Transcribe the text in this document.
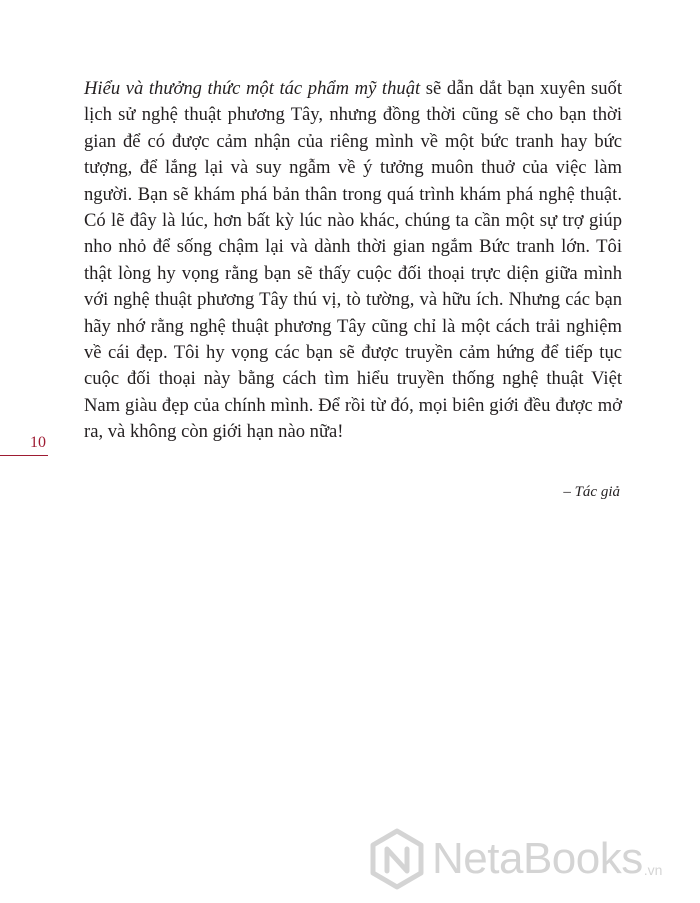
Hiểu và thưởng thức một tác phẩm mỹ thuật sẽ dẫn dắt bạn xuyên suốt
lịch sử nghệ thuật phương Tây, nhưng đồng thời cũng sẽ cho bạn thời
gian để có được cảm nhận của riêng mình về một bức tranh hay bức
tượng, để lắng lại và suy ngẫm về ý tưởng muôn thuở của việc làm
người. Bạn sẽ khám phá bản thân trong quá trình khám phá nghệ thuật.
Có lẽ đây là lúc, hơn bất kỳ lúc nào khác, chúng ta cần một sự trợ giúp
nho nhỏ để sống chậm lại và dành thời gian ngắm Bức tranh lớn. Tôi
thật lòng hy vọng rằng bạn sẽ thấy cuộc đối thoại trực diện giữa mình
với nghệ thuật phương Tây thú vị, tò tường, và hữu ích. Nhưng các bạn
hãy nhớ rằng nghệ thuật phương Tây cũng chỉ là một cách trải nghiệm
về cái đẹp. Tôi hy vọng các bạn sẽ được truyền cảm hứng để tiếp tục
cuộc đối thoại này bằng cách tìm hiểu truyền thống nghệ thuật Việt
Nam giàu đẹp của chính mình. Để rồi từ đó, mọi biên giới đều được mở
ra, và không còn giới hạn nào nữa!
10
– Tác giả
NetaBooks .vn
